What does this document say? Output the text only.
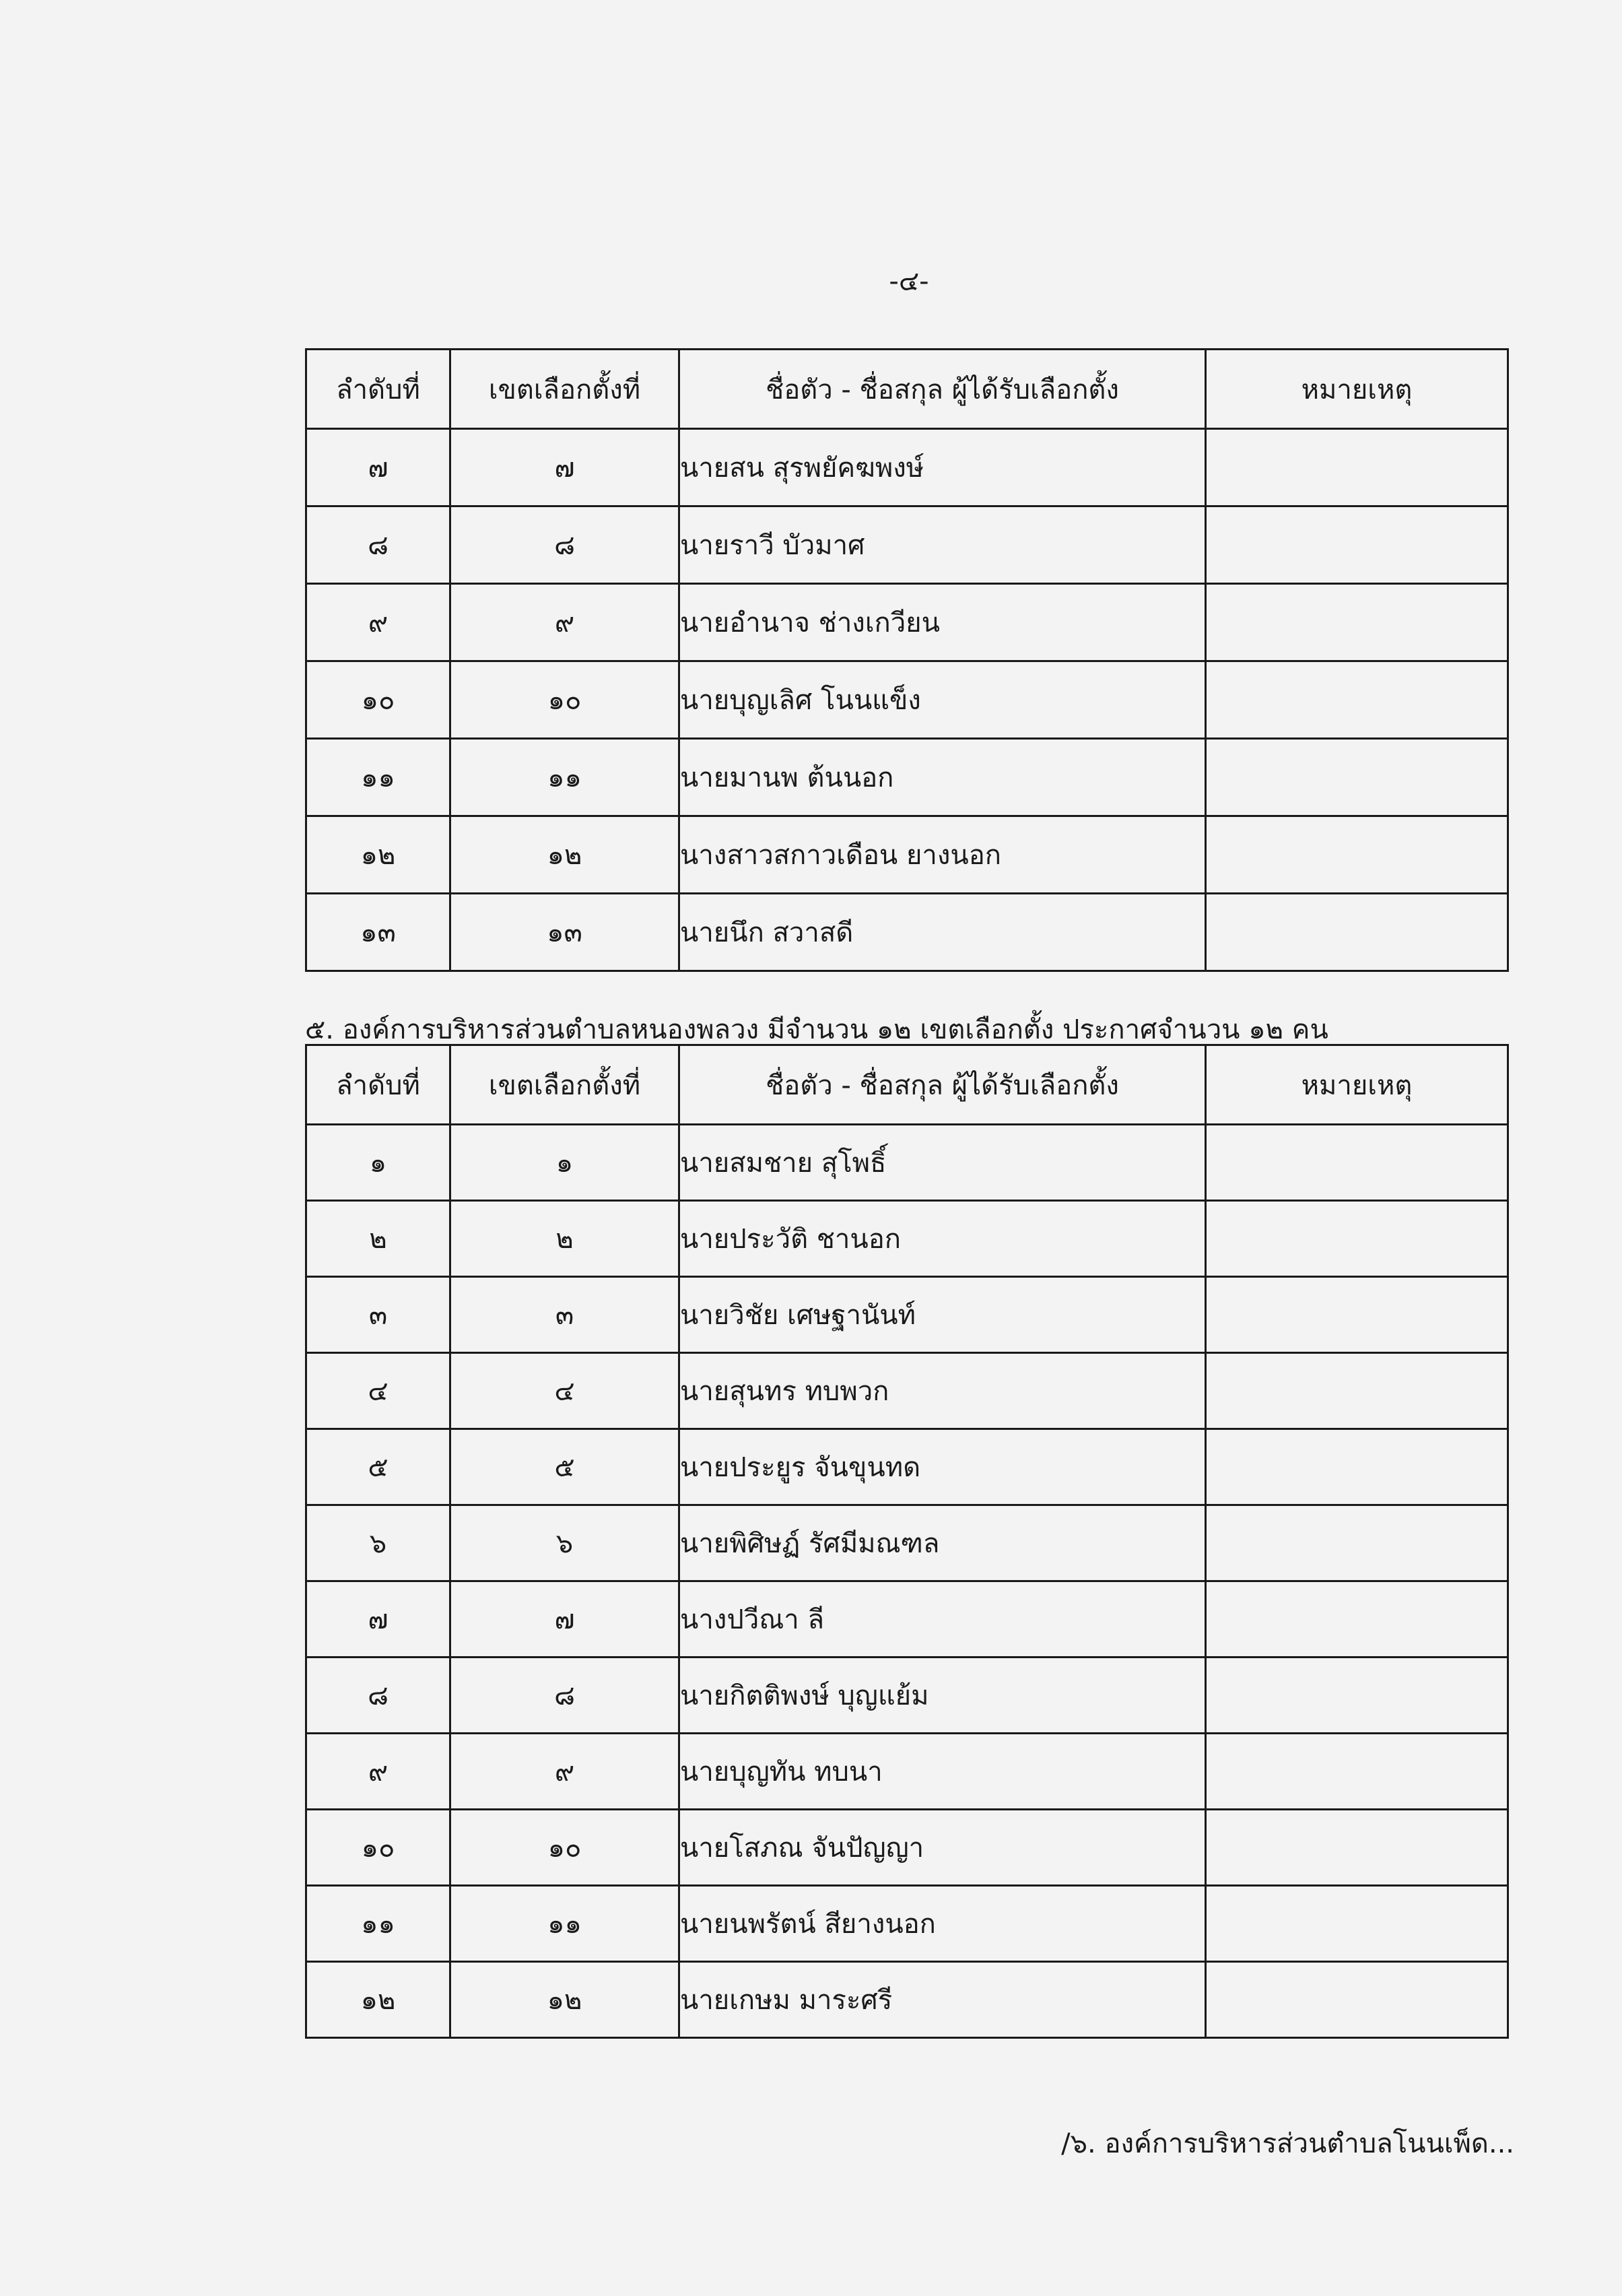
-๔-
ลำดับที่	เขตเลือกตั้งที่	ชื่อตัว - ชื่อสกุล ผู้ได้รับเลือกตั้ง	หมายเหตุ
๗	๗	นายสน สุรพยัคฆพงษ์	
๘	๘	นายราวี บัวมาศ	
๙	๙	นายอำนาจ ช่างเกวียน	
๑๐	๑๐	นายบุญเลิศ โนนแข็ง	
๑๑	๑๑	นายมานพ ต้นนอก	
๑๒	๑๒	นางสาวสกาวเดือน ยางนอก	
๑๓	๑๓	นายนึก สวาสดี	
๕. องค์การบริหารส่วนตำบลหนองพลวง มีจำนวน ๑๒ เขตเลือกตั้ง ประกาศจำนวน ๑๒ คน
ลำดับที่	เขตเลือกตั้งที่	ชื่อตัว - ชื่อสกุล ผู้ได้รับเลือกตั้ง	หมายเหตุ
๑	๑	นายสมชาย สุโพธิ์	
๒	๒	นายประวัติ ชานอก	
๓	๓	นายวิชัย เศษฐานันท์	
๔	๔	นายสุนทร ทบพวก	
๕	๕	นายประยูร จันขุนทด	
๖	๖	นายพิศิษฏ์ รัศมีมณฑล	
๗	๗	นางปวีณา ลี	
๘	๘	นายกิตติพงษ์ บุญแย้ม	
๙	๙	นายบุญทัน ทบนา	
๑๐	๑๐	นายโสภณ จันปัญญา	
๑๑	๑๑	นายนพรัตน์ สียางนอก	
๑๒	๑๒	นายเกษม มาระศรี	
/๖. องค์การบริหารส่วนตำบลโนนเพ็ด...
